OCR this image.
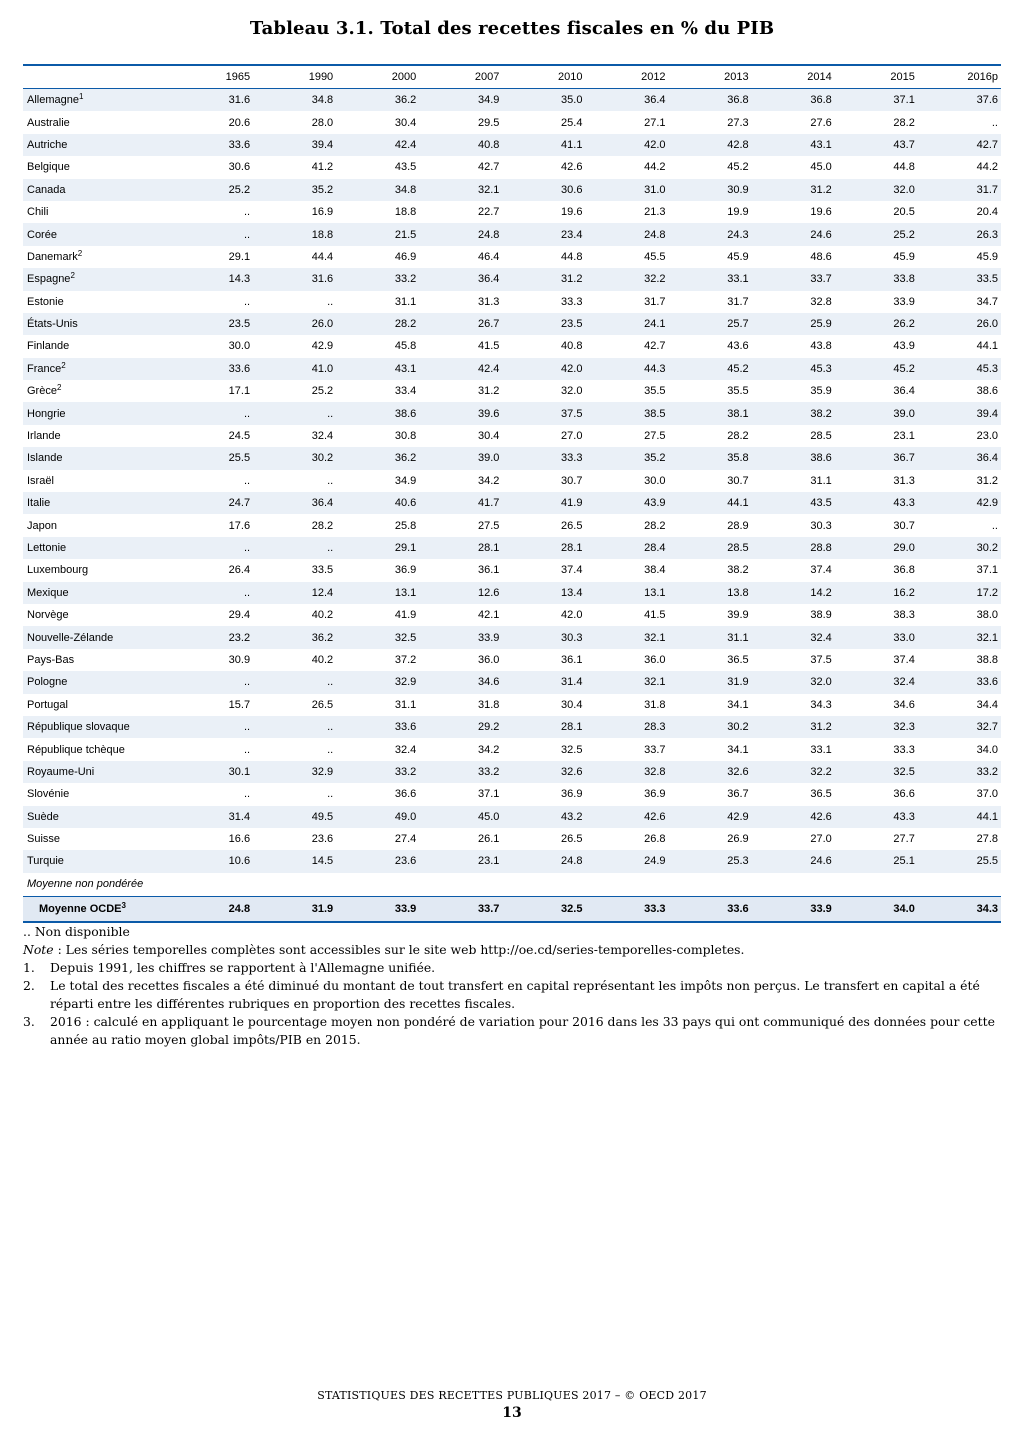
Tableau 3.1. Total des recettes fiscales en % du PIB
	1965	1990	2000	2007	2010	2012	2013	2014	2015	2016p
Allemagne$^1$	31.6	34.8	36.2	34.9	35.0	36.4	36.8	36.8	37.1	37.6
Australie	20.6	28.0	30.4	29.5	25.4	27.1	27.3	27.6	28.2	..
Autriche	33.6	39.4	42.4	40.8	41.1	42.0	42.8	43.1	43.7	42.7
Belgique	30.6	41.2	43.5	42.7	42.6	44.2	45.2	45.0	44.8	44.2
Canada	25.2	35.2	34.8	32.1	30.6	31.0	30.9	31.2	32.0	31.7
Chili	..	16.9	18.8	22.7	19.6	21.3	19.9	19.6	20.5	20.4
Corée	..	18.8	21.5	24.8	23.4	24.8	24.3	24.6	25.2	26.3
Danemark$^2$	29.1	44.4	46.9	46.4	44.8	45.5	45.9	48.6	45.9	45.9
Espagne$^2$	14.3	31.6	33.2	36.4	31.2	32.2	33.1	33.7	33.8	33.5
Estonie	..	..	31.1	31.3	33.3	31.7	31.7	32.8	33.9	34.7
États-Unis	23.5	26.0	28.2	26.7	23.5	24.1	25.7	25.9	26.2	26.0
Finlande	30.0	42.9	45.8	41.5	40.8	42.7	43.6	43.8	43.9	44.1
France$^2$	33.6	41.0	43.1	42.4	42.0	44.3	45.2	45.3	45.2	45.3
Grèce$^2$	17.1	25.2	33.4	31.2	32.0	35.5	35.5	35.9	36.4	38.6
Hongrie	..	..	38.6	39.6	37.5	38.5	38.1	38.2	39.0	39.4
Irlande	24.5	32.4	30.8	30.4	27.0	27.5	28.2	28.5	23.1	23.0
Islande	25.5	30.2	36.2	39.0	33.3	35.2	35.8	38.6	36.7	36.4
Israël	..	..	34.9	34.2	30.7	30.0	30.7	31.1	31.3	31.2
Italie	24.7	36.4	40.6	41.7	41.9	43.9	44.1	43.5	43.3	42.9
Japon	17.6	28.2	25.8	27.5	26.5	28.2	28.9	30.3	30.7	..
Lettonie	..	..	29.1	28.1	28.1	28.4	28.5	28.8	29.0	30.2
Luxembourg	26.4	33.5	36.9	36.1	37.4	38.4	38.2	37.4	36.8	37.1
Mexique	..	12.4	13.1	12.6	13.4	13.1	13.8	14.2	16.2	17.2
Norvège	29.4	40.2	41.9	42.1	42.0	41.5	39.9	38.9	38.3	38.0
Nouvelle-Zélande	23.2	36.2	32.5	33.9	30.3	32.1	31.1	32.4	33.0	32.1
Pays-Bas	30.9	40.2	37.2	36.0	36.1	36.0	36.5	37.5	37.4	38.8
Pologne	..	..	32.9	34.6	31.4	32.1	31.9	32.0	32.4	33.6
Portugal	15.7	26.5	31.1	31.8	30.4	31.8	34.1	34.3	34.6	34.4
République slovaque	..	..	33.6	29.2	28.1	28.3	30.2	31.2	32.3	32.7
République tchèque	..	..	32.4	34.2	32.5	33.7	34.1	33.1	33.3	34.0
Royaume-Uni	30.1	32.9	33.2	33.2	32.6	32.8	32.6	32.2	32.5	33.2
Slovénie	..	..	36.6	37.1	36.9	36.9	36.7	36.5	36.6	37.0
Suède	31.4	49.5	49.0	45.0	43.2	42.6	42.9	42.6	43.3	44.1
Suisse	16.6	23.6	27.4	26.1	26.5	26.8	26.9	27.0	27.7	27.8
Turquie	10.6	14.5	23.6	23.1	24.8	24.9	25.3	24.6	25.1	25.5
Moyenne non pondérée										
Moyenne OCDE$^3$	24.8	31.9	33.9	33.7	32.5	33.3	33.6	33.9	34.0	34.3

.. Non disponible

Note : Les séries temporelles complètes sont accessibles sur le site web http://oe.cd/series-temporelles-completes.

1.	Depuis 1991, les chiffres se rapportent à l'Allemagne unifiée.
2.	Le total des recettes fiscales a été diminué du montant de tout transfert en capital représentant les impôts non perçus. Le transfert en capital a été réparti entre les différentes rubriques en proportion des recettes fiscales.
3.	2016 : calculé en appliquant le pourcentage moyen non pondéré de variation pour 2016 dans les 33 pays qui ont communiqué des données pour cette année au ratio moyen global impôts/PIB en 2015.
STATISTIQUES DES RECETTES PUBLIQUES 2017 – © OECD 2017
13
